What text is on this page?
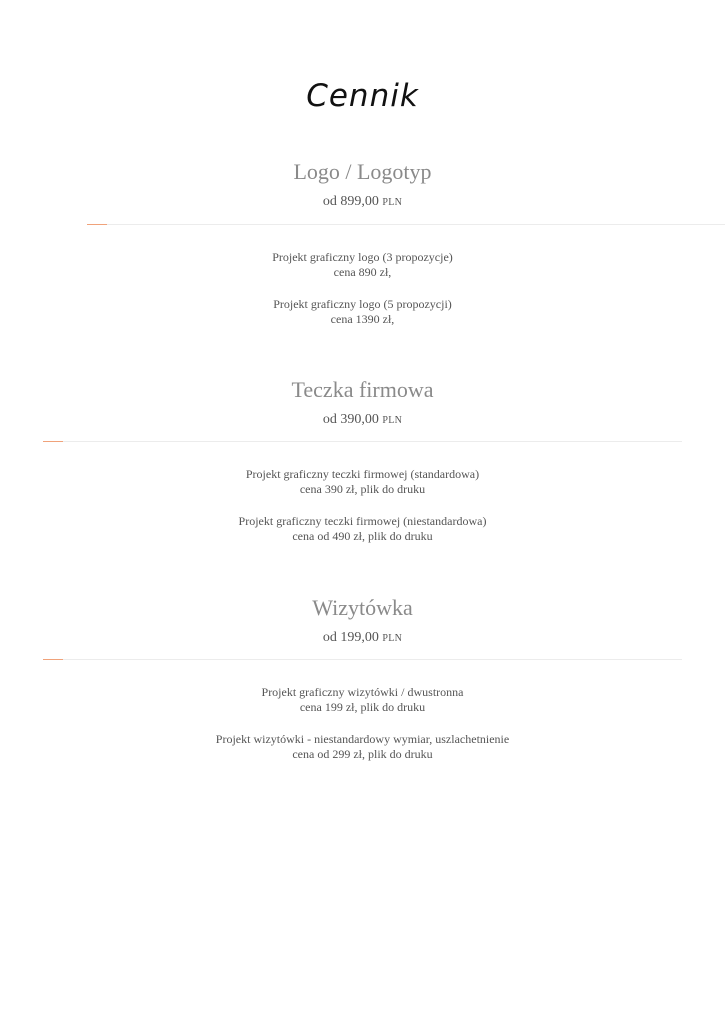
Cennik
Logo / Logotyp
od 899,00 PLN
Projekt graficzny logo (3 propozycje)
cena 890 zł,
Projekt graficzny logo (5 propozycji)
cena 1390 zł,
Teczka firmowa
od 390,00 PLN
Projekt graficzny teczki firmowej (standardowa)
cena 390 zł, plik do druku
Projekt graficzny teczki firmowej (niestandardowa)
cena od 490 zł, plik do druku
Wizytówka
od 199,00 PLN
Projekt graficzny wizytówki / dwustronna
cena 199 zł, plik do druku
Projekt wizytówki - niestandardowy wymiar, uszlachetnienie
cena od 299 zł, plik do druku
